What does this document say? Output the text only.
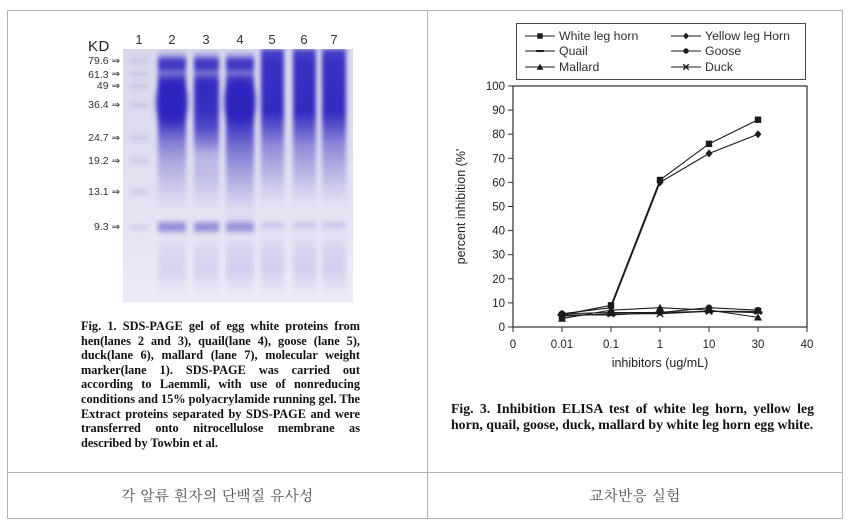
KD	1	2	3	4	5	6	7
79.6 ⇒
61.3 ⇒
49 ⇒
36.4 ⇒
24.7 ⇒
19.2 ⇒
13.1 ⇒
9.3 ⇒
Fig. 1. SDS-PAGE gel of egg white proteins from hen(lanes 2 and 3), quail(lane 4), goose (lane 5), duck(lane 6), mallard (lane 7), molecular weight marker(lane 1). SDS-PAGE was carried out according to Laemmli, with use of nonreducing conditions and 15% polyacrylamide running gel. The Extract proteins separated by SDS-PAGE and were transferred onto nitrocellulose membrane as described by Towbin et al.
White leg horn	Yellow leg Horn
Quail	Goose
Mallard	Duck
0
10
20
30
40
50
60
70
80
90
100
0	0.01	0.1	1	10	30	40
inhibitors (ug/mL)
percent inhibition (%'
Fig. 3. Inhibition ELISA test of white leg horn, yellow leg horn, quail, goose, duck, mallard by white leg horn egg white.
각 알류 흰자의 단백질 유사성	교차반응 실험
